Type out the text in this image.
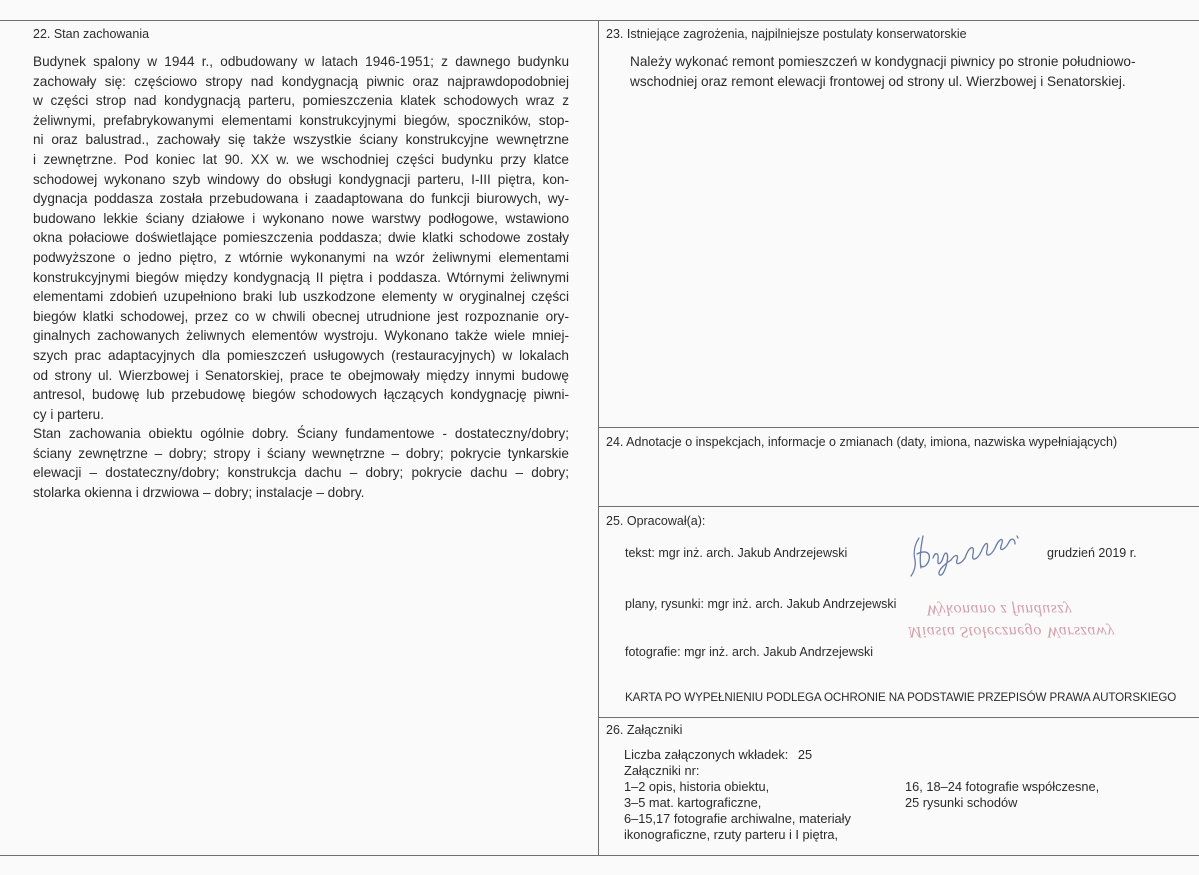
22. Stan zachowania
Budynek spalony w 1944 r., odbudowany w latach 1946-1951; z dawnego budynku
zachowały się: częściowo stropy nad kondygnacją piwnic oraz najprawdopodobniej
w części strop nad kondygnacją parteru, pomieszczenia klatek schodowych wraz z
żeliwnymi, prefabrykowanymi elementami konstrukcyjnymi biegów, spoczników, stop-
ni oraz balustrad., zachowały się także wszystkie ściany konstrukcyjne wewnętrzne
i zewnętrzne. Pod koniec lat 90. XX w. we wschodniej części budynku przy klatce
schodowej wykonano szyb windowy do obsługi kondygnacji parteru, I-III piętra, kon-
dygnacja poddasza została przebudowana i zaadaptowana do funkcji biurowych, wy-
budowano lekkie ściany działowe i wykonano nowe warstwy podłogowe, wstawiono
okna połaciowe doświetlające pomieszczenia poddasza; dwie klatki schodowe zostały
podwyższone o jedno piętro, z wtórnie wykonanymi na wzór żeliwnymi elementami
konstrukcyjnymi biegów między kondygnacją II piętra i poddasza. Wtórnymi żeliwnymi
elementami zdobień uzupełniono braki lub uszkodzone elementy w oryginalnej części
biegów klatki schodowej, przez co w chwili obecnej utrudnione jest rozpoznanie ory-
ginalnych zachowanych żeliwnych elementów wystroju. Wykonano także wiele mniej-
szych prac adaptacyjnych dla pomieszczeń usługowych (restauracyjnych) w lokalach
od strony ul. Wierzbowej i Senatorskiej, prace te obejmowały między innymi budowę
antresol, budowę lub przebudowę biegów schodowych łączących kondygnację piwni-
cy i parteru.
Stan zachowania obiektu ogólnie dobry. Ściany fundamentowe - dostateczny/dobry;
ściany zewnętrzne – dobry; stropy i ściany wewnętrzne – dobry; pokrycie tynkarskie
elewacji – dostateczny/dobry; konstrukcja dachu – dobry; pokrycie dachu – dobry;
stolarka okienna i drzwiowa – dobry; instalacje – dobry.
23. Istniejące zagrożenia, najpilniejsze postulaty konserwatorskie
Należy wykonać remont pomieszczeń w kondygnacji piwnicy po stronie południowo-
wschodniej oraz remont elewacji frontowej od strony ul. Wierzbowej i Senatorskiej.
24. Adnotacje o inspekcjach, informacje o zmianach (daty, imiona, nazwiska wypełniających)
25. Opracował(a):
tekst: mgr inż. arch. Jakub Andrzejewski	grudzień 2019 r.
plany, rysunki: mgr inż. arch. Jakub Andrzejewski
fotografie: mgr inż. arch. Jakub Andrzejewski
KARTA PO WYPEŁNIENIU PODLEGA OCHRONIE NA PODSTAWIE PRZEPISÓW PRAWA AUTORSKIEGO
Miasta Stołecznego Warszawy
Wykonano z funduszy
26. Załączniki
Liczba załączonych wkładek: 25
Załączniki nr:
1–2 opis, historia obiektu,
3–5 mat. kartograficzne,
6–15,17 fotografie archiwalne, materiały
ikonograficzne, rzuty parteru i I piętra,
16, 18–24 fotografie współczesne,
25 rysunki schodów
